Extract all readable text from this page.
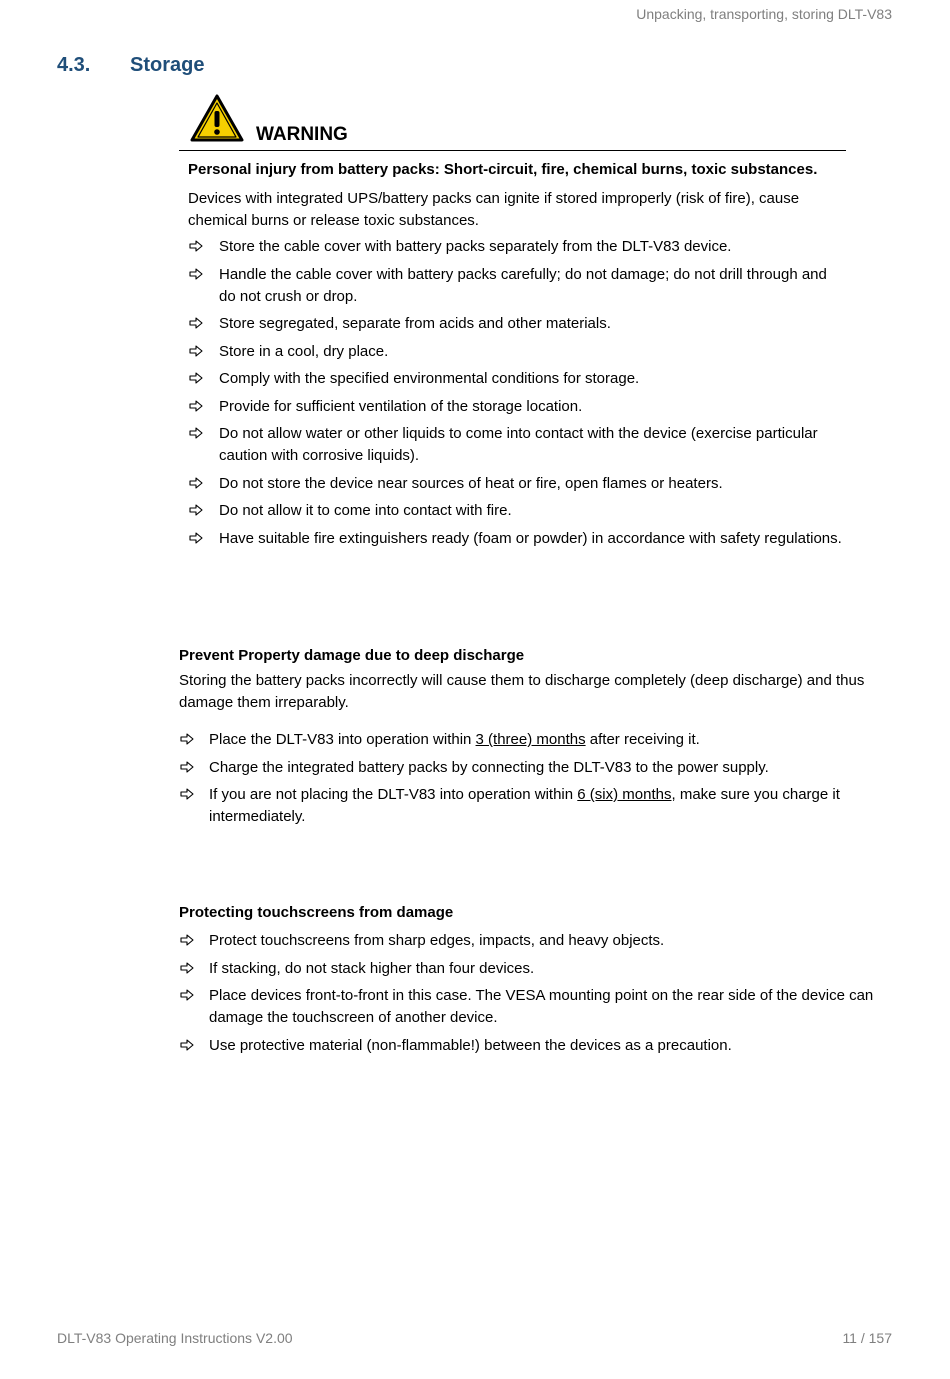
Unpacking, transporting, storing DLT-V83
4.3. Storage
WARNING

Personal injury from battery packs: Short-circuit, fire, chemical burns, toxic substances.

Devices with integrated UPS/battery packs can ignite if stored improperly (risk of fire), cause chemical burns or release toxic substances.

Store the cable cover with battery packs separately from the DLT-V83 device.
Handle the cable cover with battery packs carefully; do not damage; do not drill through and do not crush or drop.
Store segregated, separate from acids and other materials.
Store in a cool, dry place.
Comply with the specified environmental conditions for storage.
Provide for sufficient ventilation of the storage location.
Do not allow water or other liquids to come into contact with the device (exercise particular caution with corrosive liquids).
Do not store the device near sources of heat or fire, open flames or heaters.
Do not allow it to come into contact with fire.
Have suitable fire extinguishers ready (foam or powder) in accordance with safety regulations.
Prevent Property damage due to deep discharge

Storing the battery packs incorrectly will cause them to discharge completely (deep discharge) and thus damage them irreparably.

Place the DLT-V83 into operation within 3 (three) months after receiving it.
Charge the integrated battery packs by connecting the DLT-V83 to the power supply.
If you are not placing the DLT-V83 into operation within 6 (six) months, make sure you charge it intermediately.
Protecting touchscreens from damage
Protect touchscreens from sharp edges, impacts, and heavy objects.
If stacking, do not stack higher than four devices.
Place devices front-to-front in this case. The VESA mounting point on the rear side of the device can damage the touchscreen of another device.
Use protective material (non-flammable!) between the devices as a precaution.
DLT-V83 Operating Instructions V2.00	11 / 157
